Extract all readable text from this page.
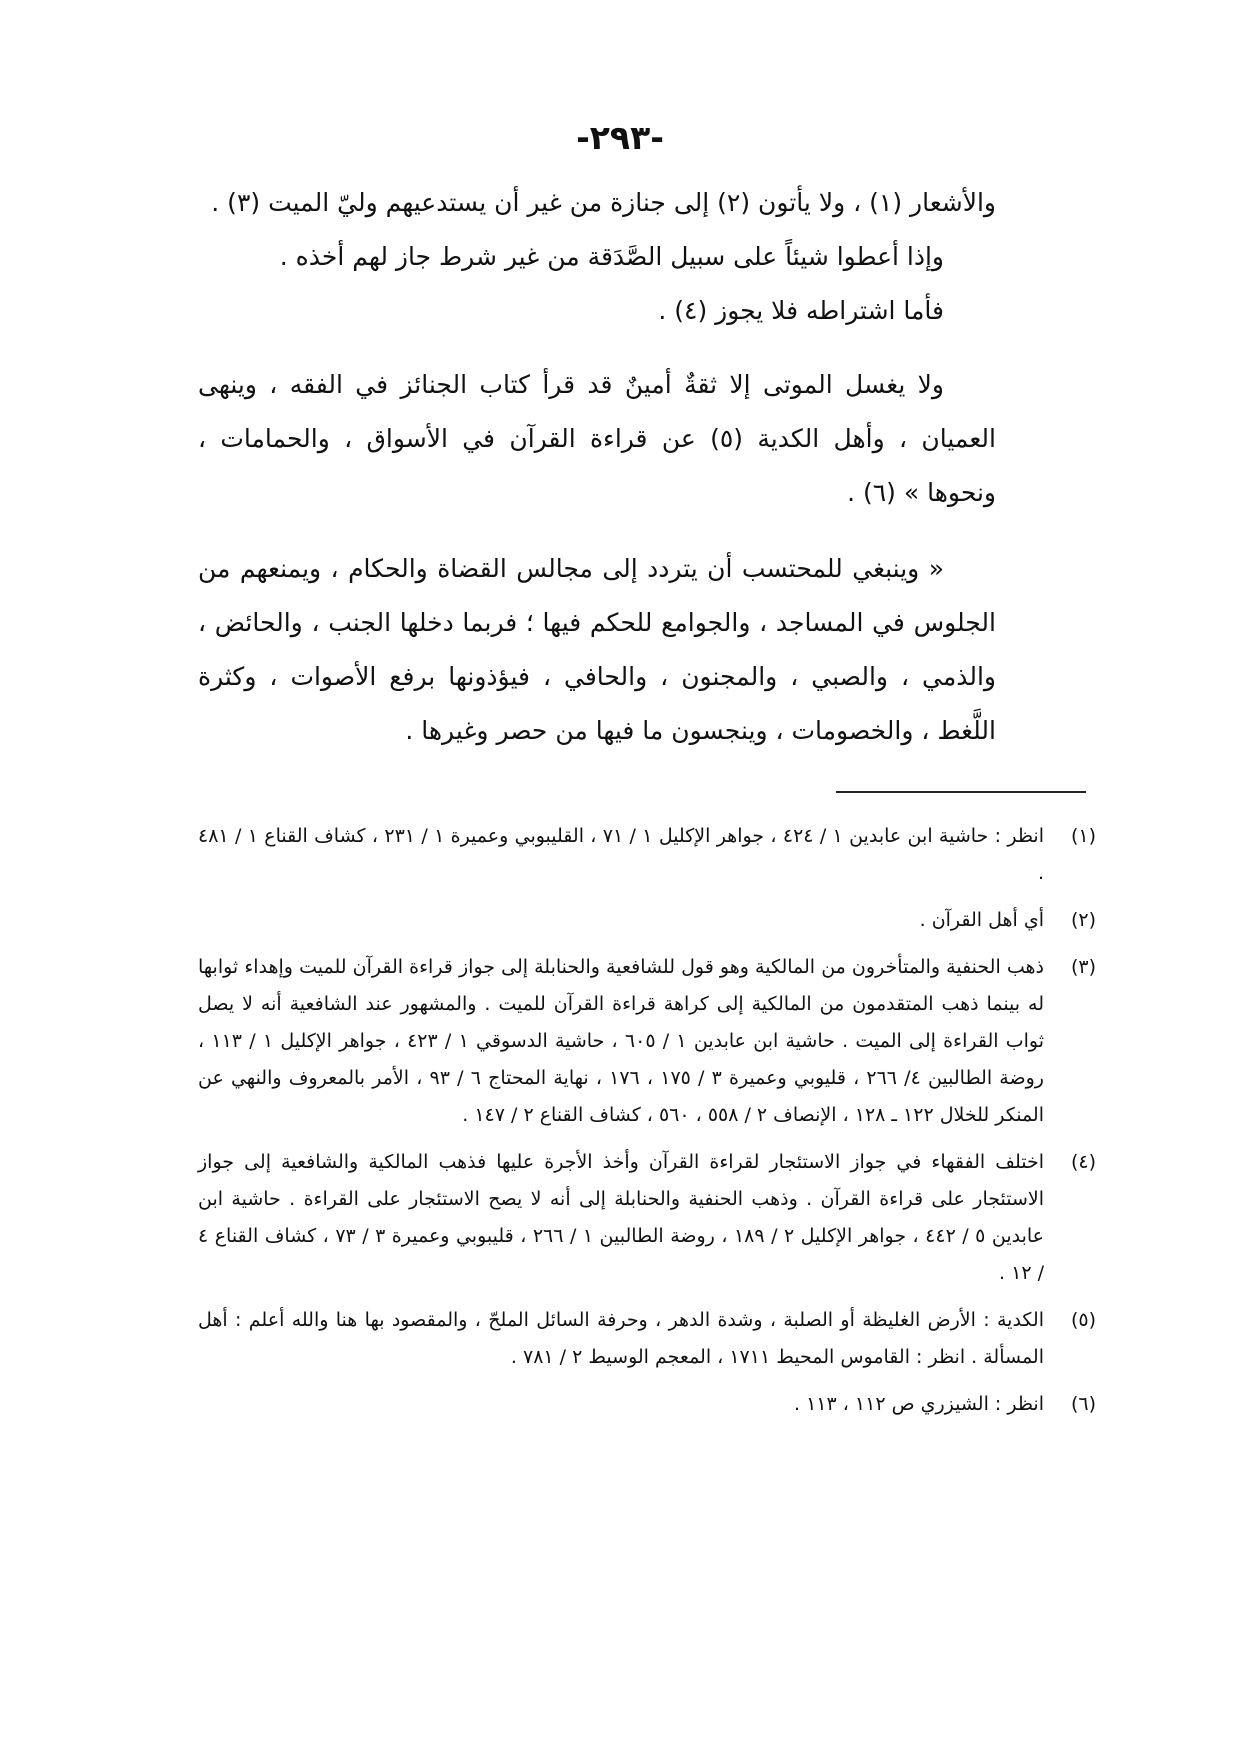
-٢٩٣-

والأشعار (١) ، ولا يأتون (٢) إلى جنازة من غير أن يستدعيهم وليّ الميت (٣) .

وإذا أعطوا شيئاً على سبيل الصَّدَقة من غير شرط جاز لهم أخذه .

فأما اشتراطه فلا يجوز (٤) .

ولا يغسل الموتى إلا ثقةٌ أمينٌ قد قرأ كتاب الجنائز في الفقه ، وينهى العميان ، وأهل الكدية (٥) عن قراءة القرآن في الأسواق ، والحمامات ، ونحوها » (٦) .

« وينبغي للمحتسب أن يتردد إلى مجالس القضاة والحكام ، ويمنعهم من الجلوس في المساجد ، والجوامع للحكم فيها ؛ فربما دخلها الجنب ، والحائض ، والذمي ، والصبي ، والمجنون ، والحافي ، فيؤذونها برفع الأصوات ، وكثرة اللَّغط ، والخصومات ، وينجسون ما فيها من حصر وغيرها .

(١)انظر : حاشية ابن عابدين ١ / ٤٢٤ ، جواهر الإكليل ١ / ٧١ ، القليبوبي وعميرة ١ / ٢٣١ ، كشاف القناع ١ / ٤٨١ .

(٢)أي أهل القرآن .

(٣)ذهب الحنفية والمتأخرون من المالكية وهو قول للشافعية والحنابلة إلى جواز قراءة القرآن للميت وإهداء ثوابها له بينما ذهب المتقدمون من المالكية إلى كراهة قراءة القرآن للميت . والمشهور عند الشافعية أنه لا يصل ثواب القراءة إلى الميت . حاشية ابن عابدين ١ / ٦٠٥ ، حاشية الدسوقي ١ / ٤٢٣ ، جواهر الإكليل ١ / ١١٣ ، روضة الطالبين ٤/ ٢٦٦ ، قليوبي وعميرة ٣ / ١٧٥ ، ١٧٦ ، نهاية المحتاج ٦ / ٩٣ ، الأمر بالمعروف والنهي عن المنكر للخلال ١٢٢ ـ ١٢٨ ، الإنصاف ٢ / ٥٥٨ ، ٥٦٠ ، كشاف القناع ٢ / ١٤٧ .

(٤)اختلف الفقهاء في جواز الاستئجار لقراءة القرآن وأخذ الأجرة عليها فذهب المالكية والشافعية إلى جواز الاستئجار على قراءة القرآن . وذهب الحنفية والحنابلة إلى أنه لا يصح الاستئجار على القراءة . حاشية ابن عابدين ٥ / ٤٤٢ ، جواهر الإكليل ٢ / ١٨٩ ، روضة الطالبين ١ / ٢٦٦ ، قليبوبي وعميرة ٣ / ٧٣ ، كشاف القناع ٤ / ١٢ .

(٥)الكدية : الأرض الغليظة أو الصلبة ، وشدة الدهر ، وحرفة السائل الملحّ ، والمقصود بها هنا والله أعلم : أهل المسألة . انظر : القاموس المحيط ١٧١١ ، المعجم الوسيط ٢ / ٧٨١ .

(٦)انظر : الشيزري ص ١١٢ ، ١١٣ .
